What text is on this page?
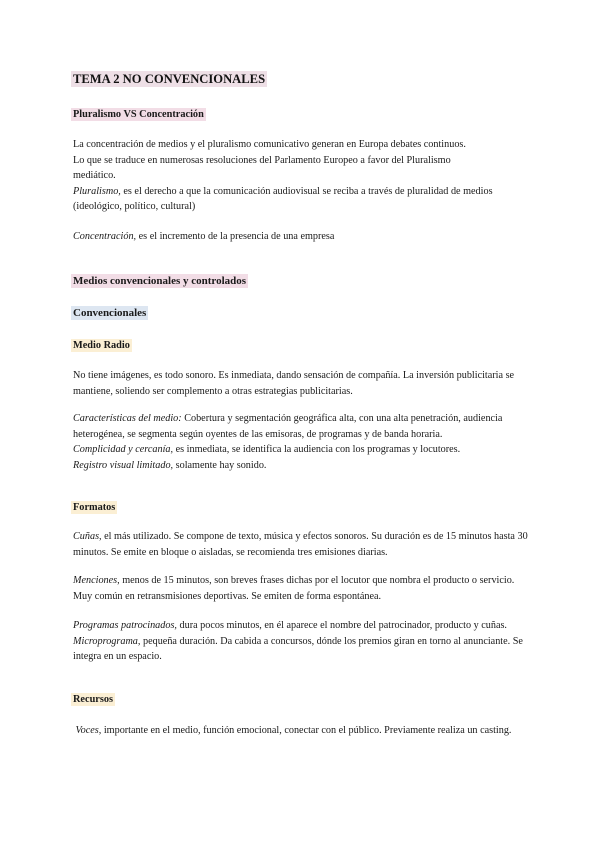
TEMA 2 NO CONVENCIONALES
Pluralismo VS Concentración

La concentración de medios y el pluralismo comunicativo generan en Europa debates continuos.

Lo que se traduce en numerosas resoluciones del Parlamento Europeo a favor del Pluralismo

mediático.

Pluralismo, es el derecho a que la comunicación audiovisual se reciba a través de pluralidad de medios (ideológico, político, cultural)

Concentración, es el incremento de la presencia de una empresa

Medios convencionales y controlados
Convencionales
Medio Radio

No tiene imágenes, es todo sonoro. Es inmediata, dando sensación de compañía. La inversión publicitaria se mantiene, soliendo ser complemento a otras estrategias publicitarias.

Características del medio: Cobertura y segmentación geográfica alta, con una alta penetración, audiencia heterogénea, se segmenta según oyentes de las emisoras, de programas y de banda horaria.

Complicidad y cercanía, es inmediata, se identifica la audiencia con los programas y locutores.

Registro visual limitado, solamente hay sonido.

Formatos

Cuñas, el más utilizado. Se compone de texto, música y efectos sonoros. Su duración es de 15 minutos hasta 30 minutos. Se emite en bloque o aisladas, se recomienda tres emisiones diarias.

Menciones, menos de 15 minutos, son breves frases dichas por el locutor que nombra el producto o servicio. Muy común en retransmisiones deportivas. Se emiten de forma espontánea.

Programas patrocinados, dura pocos minutos, en él aparece el nombre del patrocinador, producto y cuñas.

Microprograma, pequeña duración. Da cabida a concursos, dónde los premios giran en torno al anunciante. Se integra en un espacio.

Recursos

Voces, importante en el medio, función emocional, conectar con el público. Previamente realiza un casting.
